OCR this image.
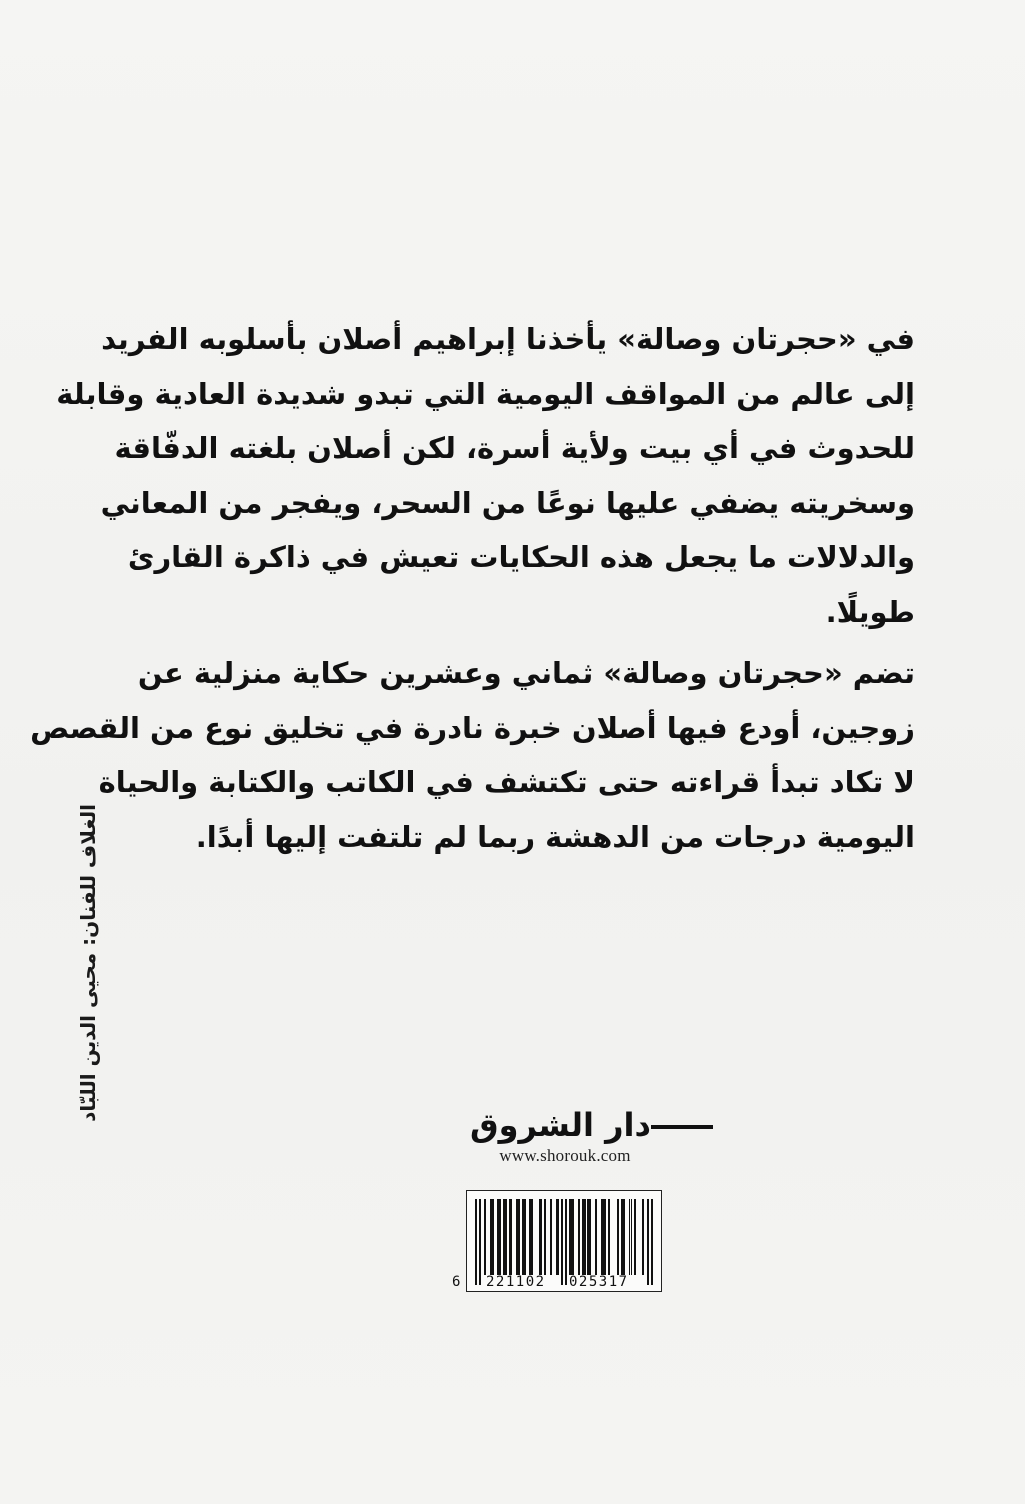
في «حجرتان وصالة» يأخذنا إبراهيم أصلان بأسلوبه الفريد
إلى عالم من المواقف اليومية التي تبدو شديدة العادية وقابلة
للحدوث في أي بيت ولأية أسرة، لكن أصلان بلغته الدفّاقة
وسخريته يضفي عليها نوعًا من السحر، ويفجر من المعاني
والدلالات ما يجعل هذه الحكايات تعيش في ذاكرة القارئ
طويلًا.
تضم «حجرتان وصالة» ثماني وعشرين حكاية منزلية عن
زوجين، أودع فيها أصلان خبرة نادرة في تخليق نوع من القصص
لا تكاد تبدأ قراءته حتى تكتشف في الكاتب والكتابة والحياة
اليومية درجات من الدهشة ربما لم تلتفت إليها أبدًا.
الغلاف للفنان: محيى الدين اللبّاد
دار الشروق
www.shorouk.com
6 221102 025317
